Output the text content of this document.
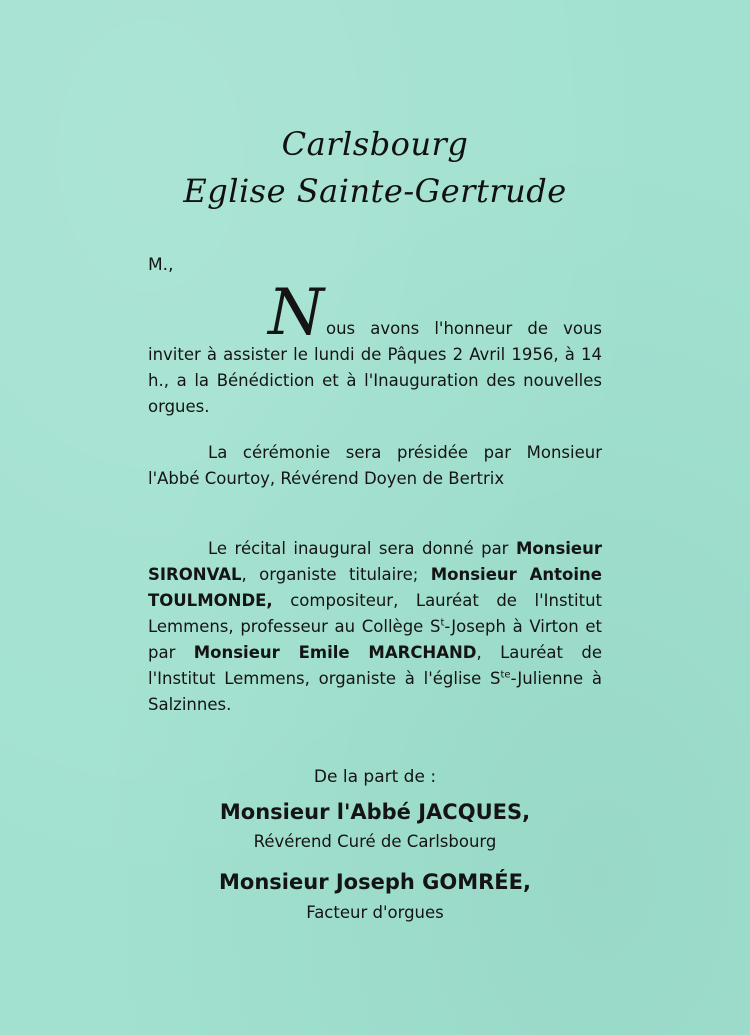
Carlsbourg
Eglise Sainte-Gertrude
M.,
Nous avons l'honneur de vous inviter à assister le lundi de Pâques 2 Avril 1956, à 14 h., a la Bénédiction et à l'Inauguration des nouvelles orgues.
La cérémonie sera présidée par Monsieur l'Abbé Courtoy, Révérend Doyen de Bertrix
Le récital inaugural sera donné par Monsieur SIRONVAL, organiste titulaire; Monsieur Antoine TOULMONDE, compositeur, Lauréat de l'Institut Lemmens, professeur au Collège $S^t$-Joseph à Virton et par Monsieur Emile MARCHAND, Lauréat de l'Institut Lemmens, organiste à l'église $S^{te}$-Julienne à Salzinnes.
De la part de :
Monsieur l'Abbé JACQUES,
Révérend Curé de Carlsbourg
Monsieur Joseph GOMRÉE,
Facteur d'orgues
